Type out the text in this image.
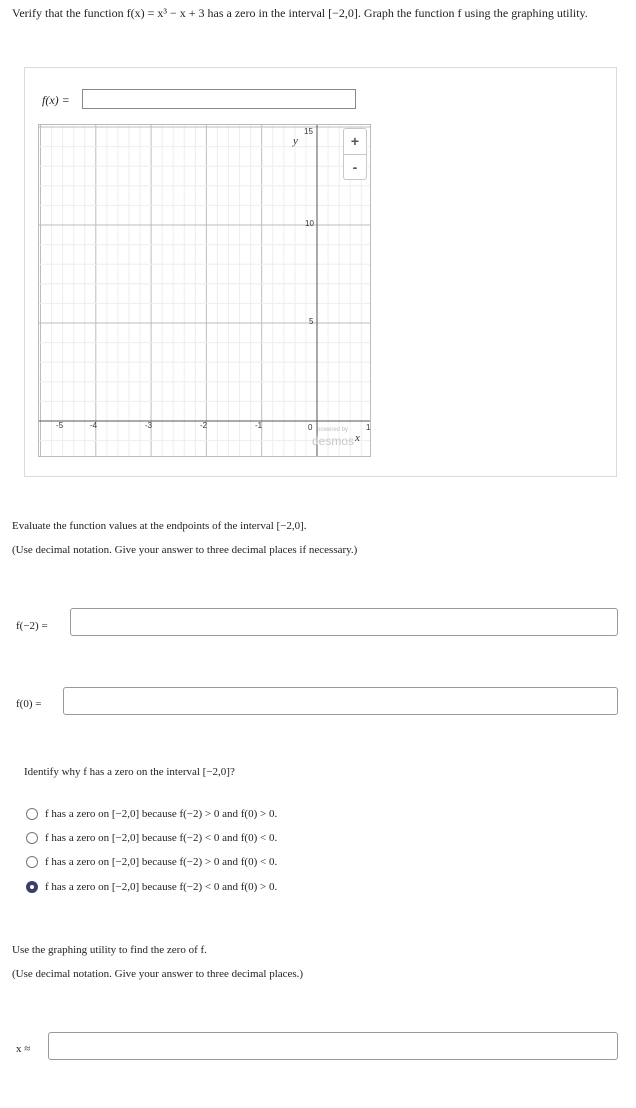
Verify that the function f(x) = x³ − x + 3 has a zero in the interval [−2,0]. Graph the function f using the graphing utility.
f(x) =
-5	-4	-3	-2	-1	0	1
15
10
5
y
x
powered by
desmos
+
-
Evaluate the function values at the endpoints of the interval [−2,0].
(Use decimal notation. Give your answer to three decimal places if necessary.)
f(−2) =
f(0) =
Identify why f has a zero on the interval [−2,0]?
f has a zero on [−2,0] because f(−2) > 0 and f(0) > 0.
f has a zero on [−2,0] because f(−2) < 0 and f(0) < 0.
f has a zero on [−2,0] because f(−2) > 0 and f(0) < 0.
f has a zero on [−2,0] because f(−2) < 0 and f(0) > 0.
Use the graphing utility to find the zero of f.
(Use decimal notation. Give your answer to three decimal places.)
x ≈
